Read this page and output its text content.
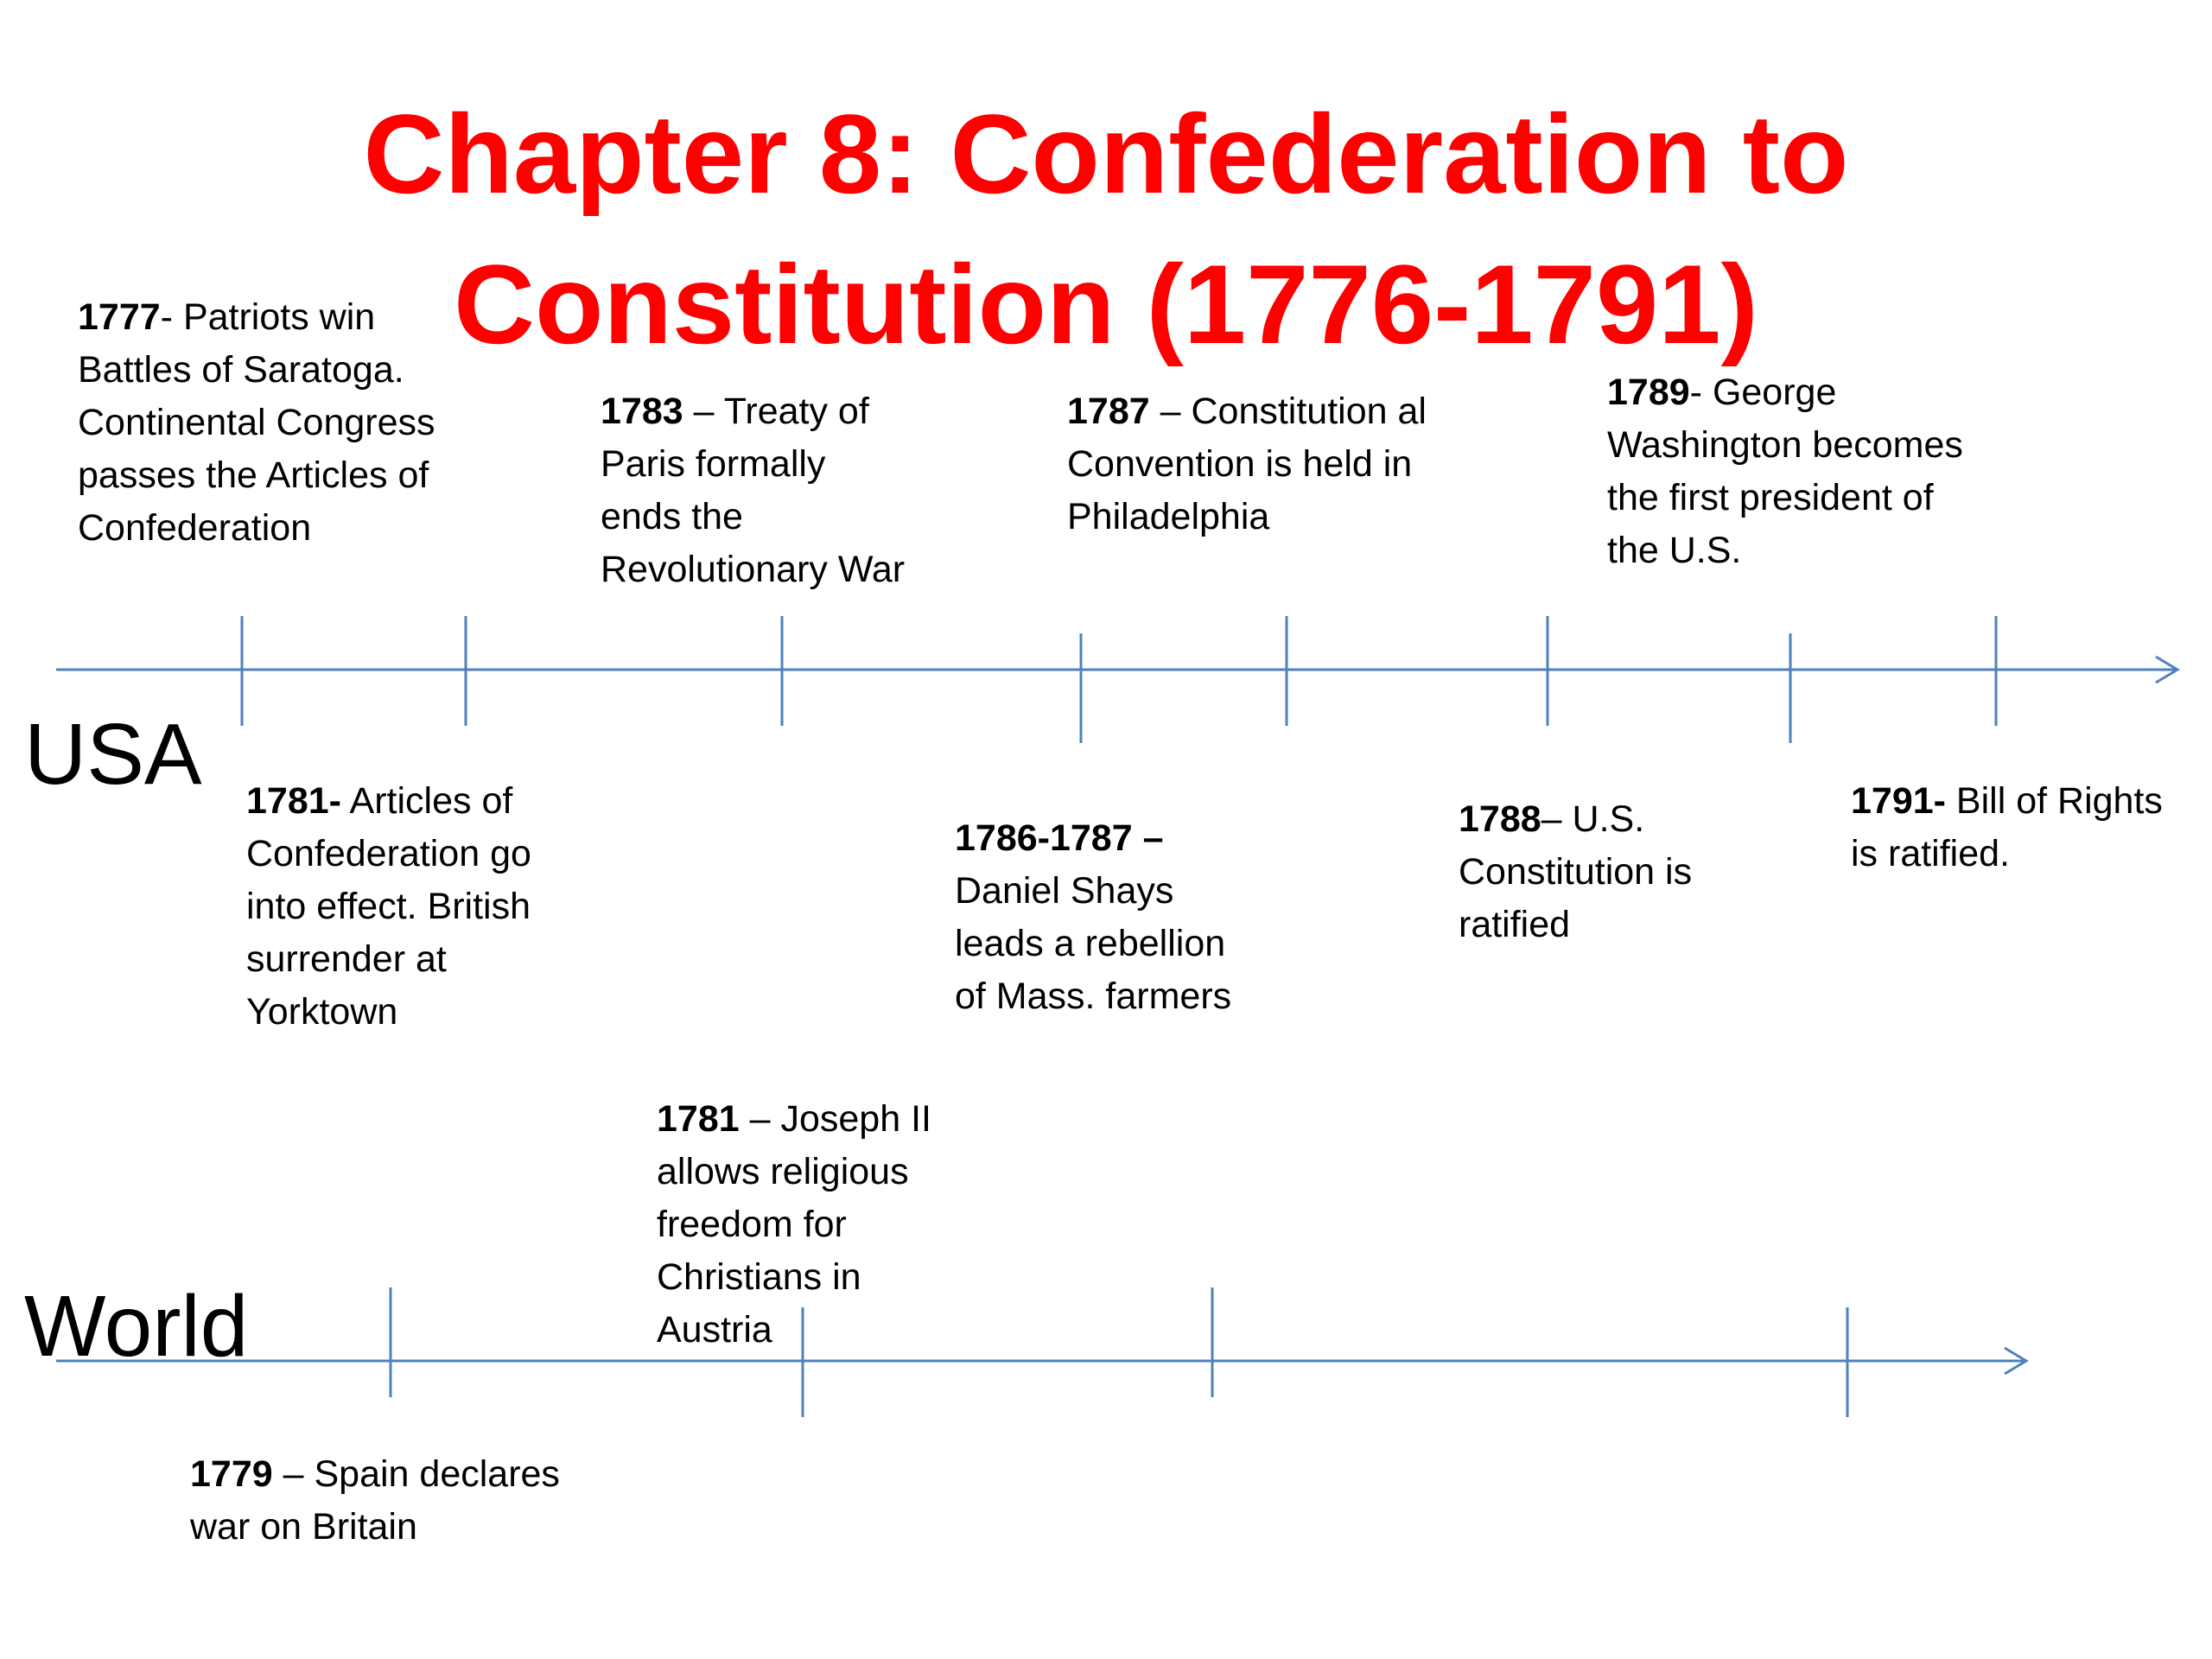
Chapter 8: Confederation to
Constitution (1776-1791)
USA
World
1777- Patriots win Battles of Saratoga. Continental Congress passes the Articles of Confederation
1783 – Treaty of Paris formally ends the Revolutionary War
1787 – Constitution al Convention is held in Philadelphia
1789- George Washington becomes the first president of the U.S.
1781- Articles of Confederation go into effect. British surrender at Yorktown
1786-1787 – Daniel Shays leads a rebellion of Mass. farmers
1788– U.S. Constitution is ratified
1791- Bill of Rights is ratified.
1781 – Joseph II allows religious freedom for Christians in Austria
1779 – Spain declares war on Britain
